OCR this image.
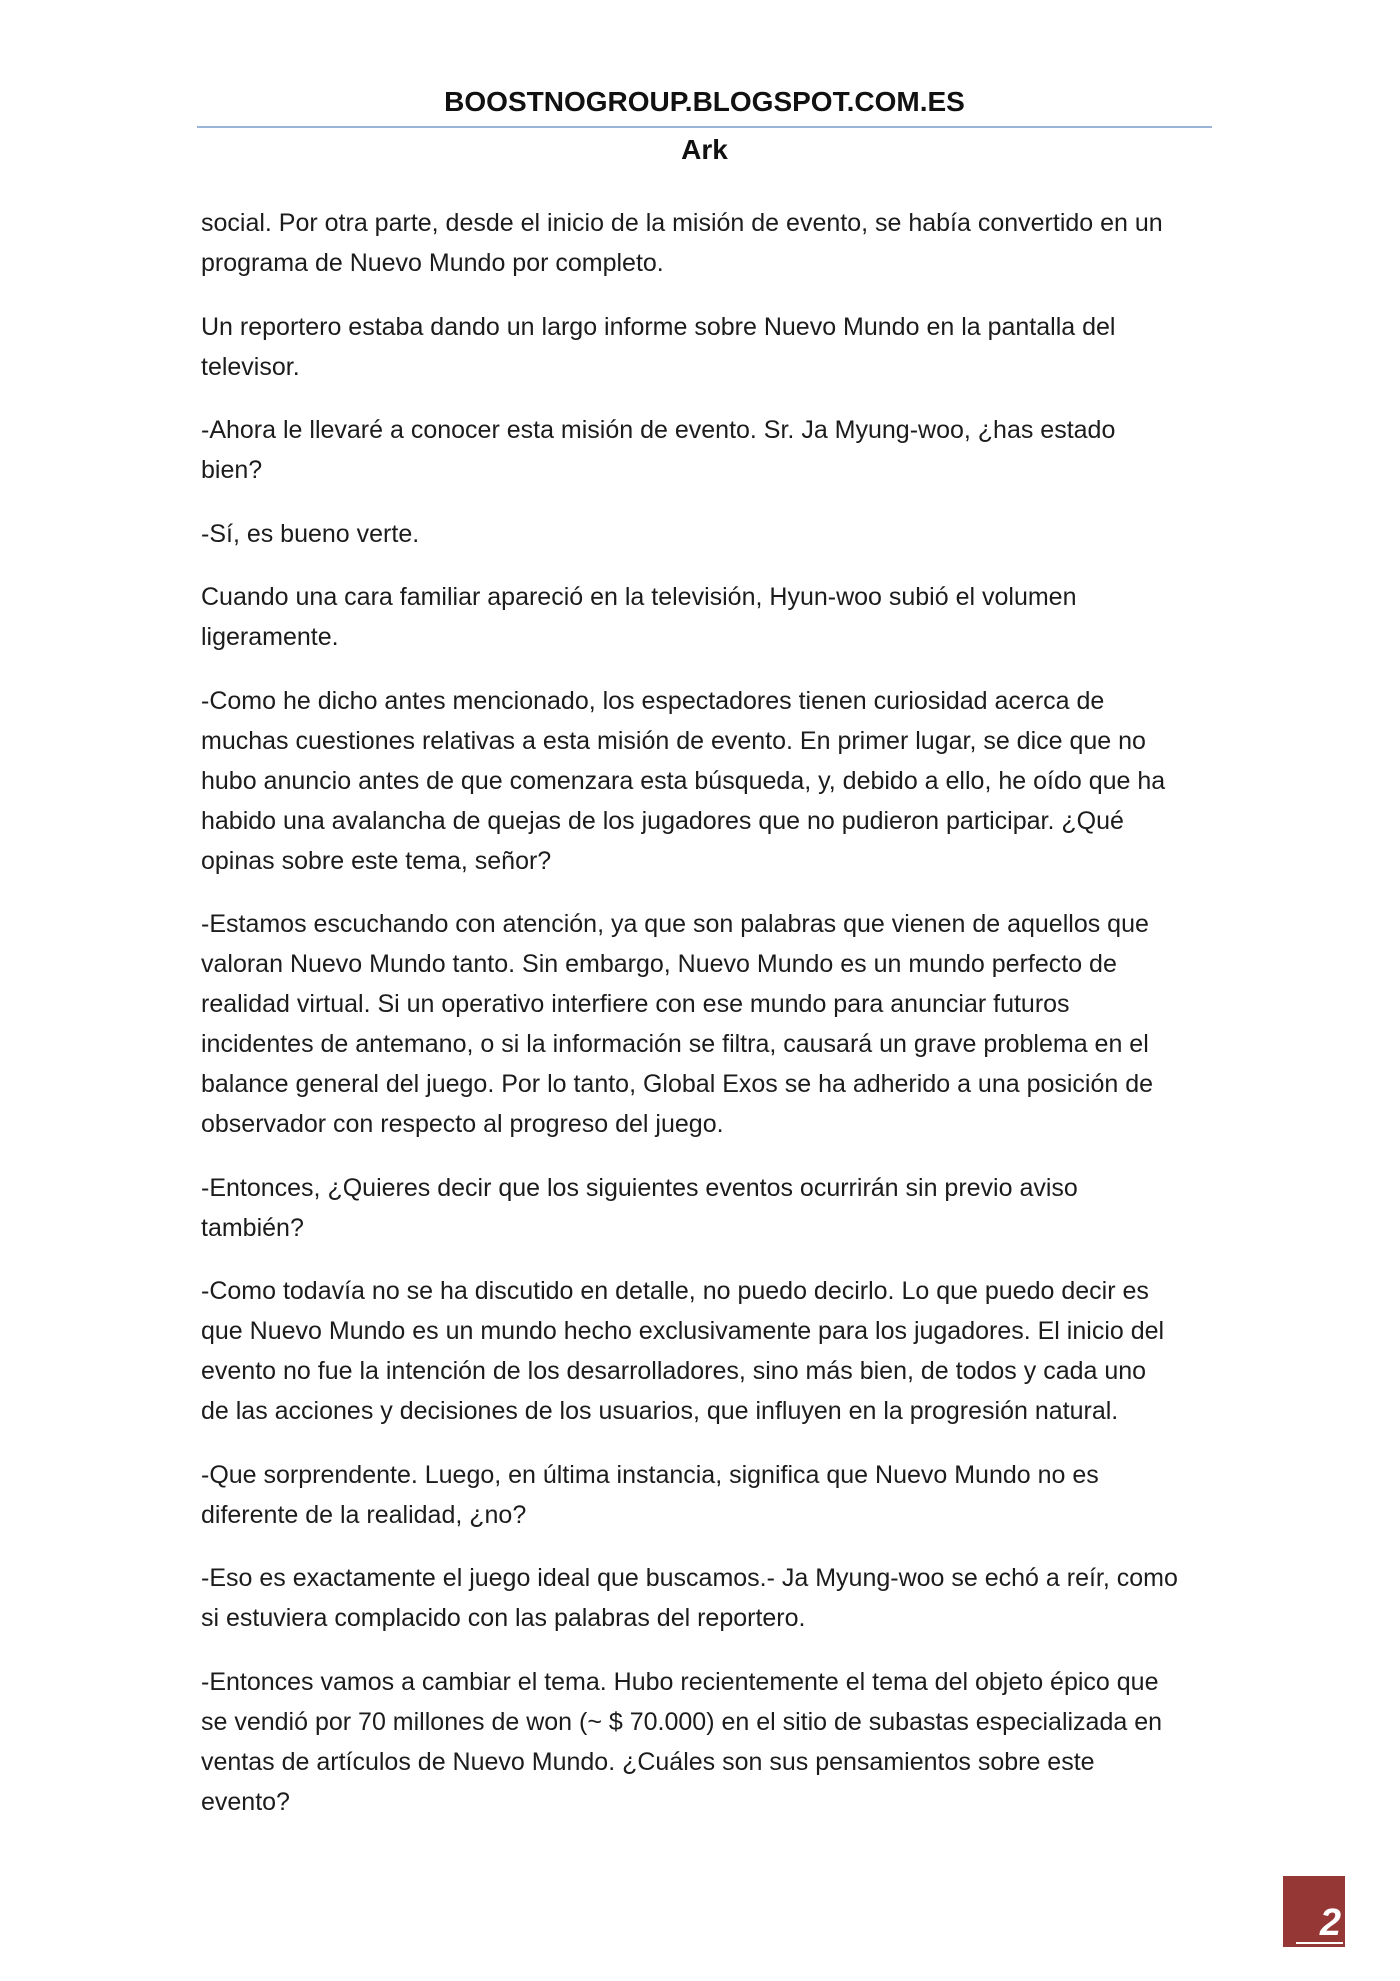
BOOSTNOGROUP.BLOGSPOT.COM.ES
Ark
social. Por otra parte, desde el inicio de la misión de evento, se había convertido en un
programa de Nuevo Mundo por completo.
Un reportero estaba dando un largo informe sobre Nuevo Mundo en la pantalla del
televisor.
-Ahora le llevaré a conocer esta misión de evento. Sr. Ja Myung-woo, ¿has estado
bien?
-Sí, es bueno verte.
Cuando una cara familiar apareció en la televisión, Hyun-woo subió el volumen
ligeramente.
-Como he dicho antes mencionado, los espectadores tienen curiosidad acerca de
muchas cuestiones relativas a esta misión de evento. En primer lugar, se dice que no
hubo anuncio antes de que comenzara esta búsqueda, y, debido a ello, he oído que ha
habido una avalancha de quejas de los jugadores que no pudieron participar. ¿Qué
opinas sobre este tema, señor?
-Estamos escuchando con atención, ya que son palabras que vienen de aquellos que
valoran Nuevo Mundo tanto. Sin embargo, Nuevo Mundo es un mundo perfecto de
realidad virtual. Si un operativo interfiere con ese mundo para anunciar futuros
incidentes de antemano, o si la información se filtra, causará un grave problema en el
balance general del juego. Por lo tanto, Global Exos se ha adherido a una posición de
observador con respecto al progreso del juego.
-Entonces, ¿Quieres decir que los siguientes eventos ocurrirán sin previo aviso
también?
-Como todavía no se ha discutido en detalle, no puedo decirlo. Lo que puedo decir es
que Nuevo Mundo es un mundo hecho exclusivamente para los jugadores. El inicio del
evento no fue la intención de los desarrolladores, sino más bien, de todos y cada uno
de las acciones y decisiones de los usuarios, que influyen en la progresión natural.
-Que sorprendente. Luego, en última instancia, significa que Nuevo Mundo no es
diferente de la realidad, ¿no?
-Eso es exactamente el juego ideal que buscamos.- Ja Myung-woo se echó a reír, como
si estuviera complacido con las palabras del reportero.
-Entonces vamos a cambiar el tema. Hubo recientemente el tema del objeto épico que
se vendió por 70 millones de won (~ $ 70.000) en el sitio de subastas especializada en
ventas de artículos de Nuevo Mundo. ¿Cuáles son sus pensamientos sobre este
evento?
2
